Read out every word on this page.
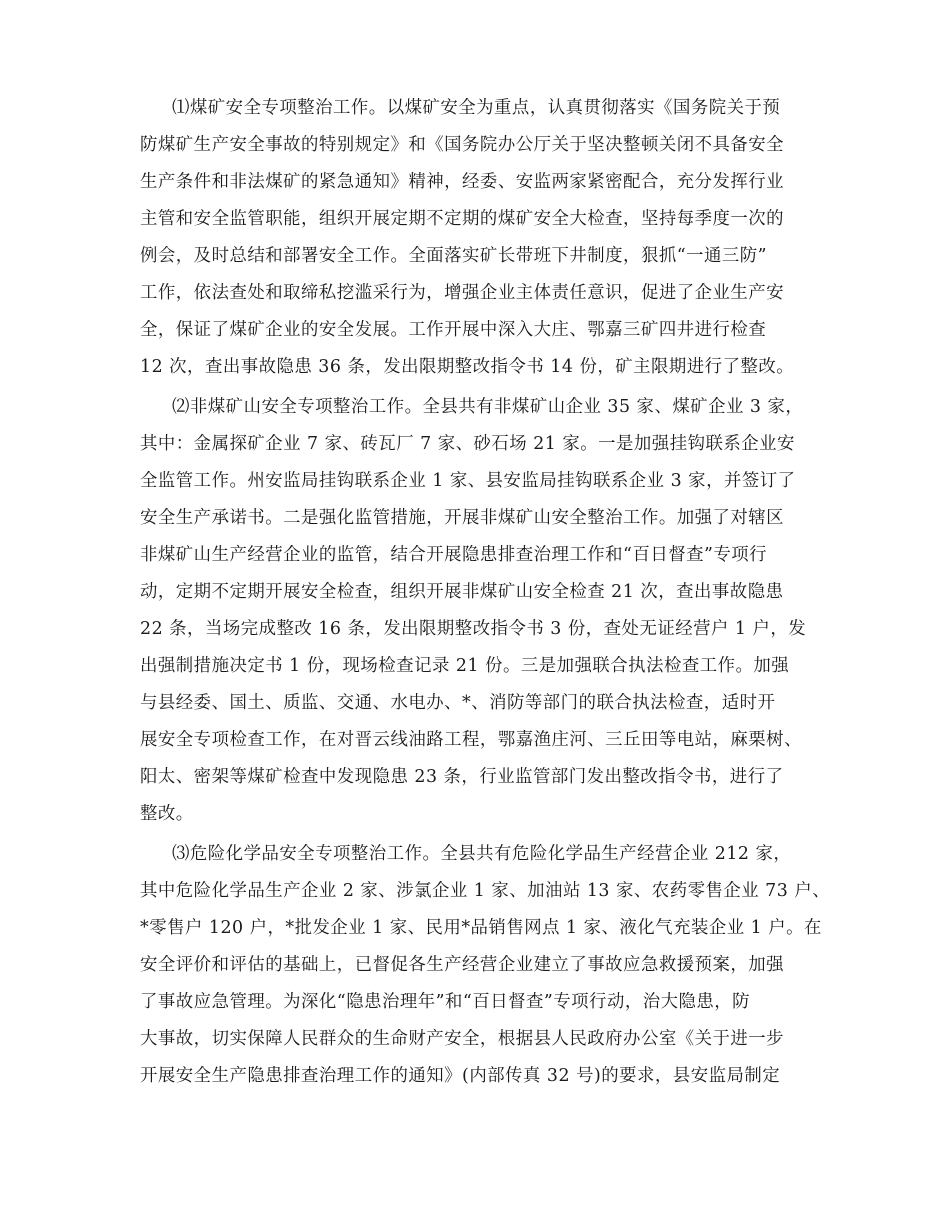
⑴煤矿安全专项整治工作。以煤矿安全为重点，认真贯彻落实《国务院关于预

防煤矿生产安全事故的特别规定》和《国务院办公厅关于坚决整顿关闭不具备安全

生产条件和非法煤矿的紧急通知》精神，经委、安监两家紧密配合，充分发挥行业

主管和安全监管职能，组织开展定期不定期的煤矿安全大检查，坚持每季度一次的

例会，及时总结和部署安全工作。全面落实矿长带班下井制度，狠抓“一通三防”

工作，依法查处和取缔私挖滥采行为，增强企业主体责任意识，促进了企业生产安

全，保证了煤矿企业的安全发展。工作开展中深入大庄、鄂嘉三矿四井进行检查

12 次，查出事故隐患 36 条，发出限期整改指令书 14 份，矿主限期进行了整改。

⑵非煤矿山安全专项整治工作。全县共有非煤矿山企业 35 家、煤矿企业 3 家，

其中：金属探矿企业 7 家、砖瓦厂 7 家、砂石场 21 家。一是加强挂钩联系企业安

全监管工作。州安监局挂钩联系企业 1 家、县安监局挂钩联系企业 3 家，并签订了

安全生产承诺书。二是强化监管措施，开展非煤矿山安全整治工作。加强了对辖区

非煤矿山生产经营企业的监管，结合开展隐患排查治理工作和“百日督查”专项行

动，定期不定期开展安全检查，组织开展非煤矿山安全检查 21 次，查出事故隐患

22 条，当场完成整改 16 条，发出限期整改指令书 3 份，查处无证经营户 1 户，发

出强制措施决定书 1 份，现场检查记录 21 份。三是加强联合执法检查工作。加强

与县经委、国土、质监、交通、水电办、*、消防等部门的联合执法检查，适时开

展安全专项检查工作，在对晋云线油路工程，鄂嘉渔庄河、三丘田等电站，麻栗树、

阳太、密架等煤矿检查中发现隐患 23 条，行业监管部门发出整改指令书，进行了

整改。

⑶危险化学品安全专项整治工作。全县共有危险化学品生产经营企业 212 家，

其中危险化学品生产企业 2 家、涉氯企业 1 家、加油站 13 家、农药零售企业 73 户、

*零售户 120 户，*批发企业 1 家、民用*品销售网点 1 家、液化气充装企业 1 户。在

安全评价和评估的基础上，已督促各生产经营企业建立了事故应急救援预案，加强

了事故应急管理。为深化“隐患治理年”和“百日督查”专项行动，治大隐患，防

大事故，切实保障人民群众的生命财产安全，根据县人民政府办公室《关于进一步

开展安全生产隐患排查治理工作的通知》(内部传真 32 号)的要求，县安监局制定
